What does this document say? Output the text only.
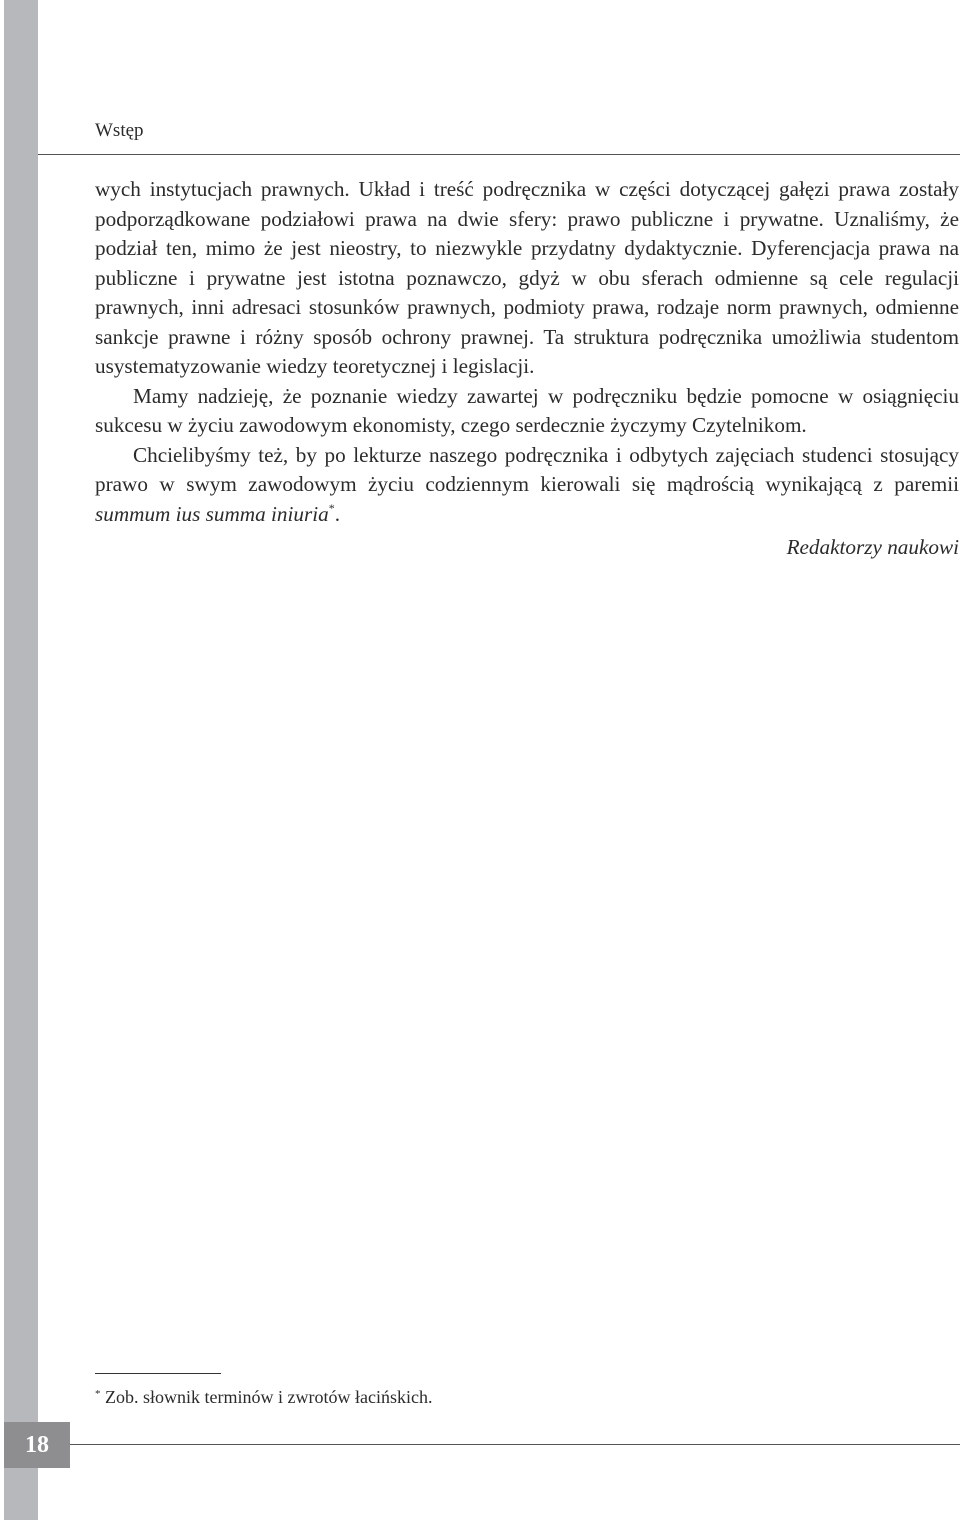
Wstęp

wych instytucjach prawnych. Układ i treść podręcznika w części dotyczącej gałęzi prawa zostały podporządkowane podziałowi prawa na dwie sfery: prawo publiczne i prywatne. Uznaliśmy, że podział ten, mimo że jest nieostry, to niezwykle przydatny dydaktycznie. Dyferencjacja prawa na publiczne i prywatne jest istotna poznawczo, gdyż w obu sferach odmienne są cele regulacji prawnych, inni adresaci stosunków prawnych, podmioty prawa, rodzaje norm prawnych, odmienne sankcje prawne i różny sposób ochrony prawnej. Ta struktura podręcznika umożliwia studentom usystematyzowanie wiedzy teoretycznej i legislacji.

Mamy nadzieję, że poznanie wiedzy zawartej w podręczniku będzie pomocne w osiągnięciu sukcesu w życiu zawodowym ekonomisty, czego serdecznie życzymy Czytelnikom.

Chcielibyśmy też, by po lekturze naszego podręcznika i odbytych zajęciach studenci stosujący prawo w swym zawodowym życiu codziennym kierowali się mądrością wynikającą z paremii summum ius summa iniuria*.

Redaktorzy naukowi

* Zob. słownik terminów i zwrotów łacińskich.
18
